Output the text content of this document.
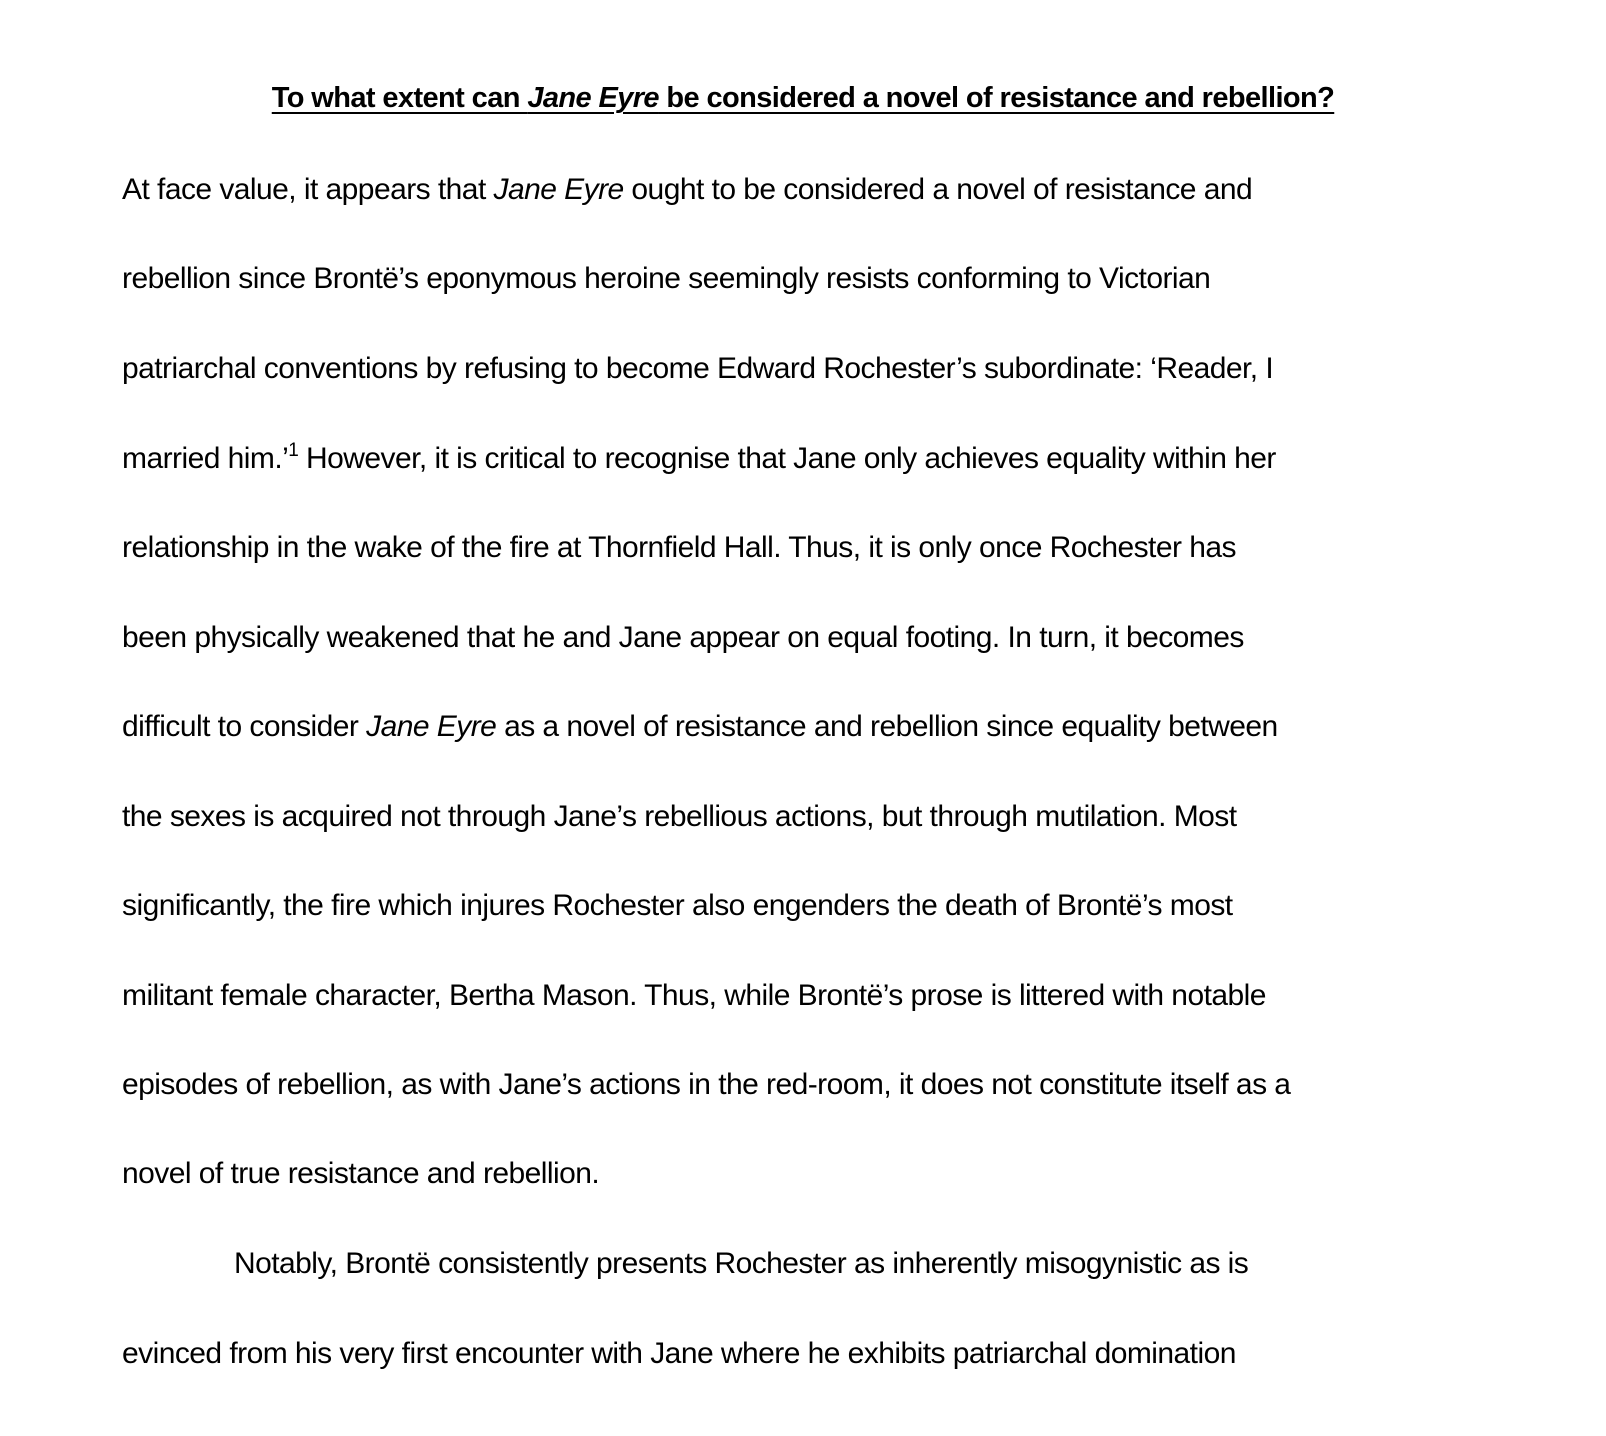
To what extent can Jane Eyre be considered a novel of resistance and rebellion?
At face value, it appears that Jane Eyre ought to be considered a novel of resistance and
rebellion since Brontë’s eponymous heroine seemingly resists conforming to Victorian
patriarchal conventions by refusing to become Edward Rochester’s subordinate: ‘Reader, I
married him.’$^1$ However, it is critical to recognise that Jane only achieves equality within her
relationship in the wake of the fire at Thornfield Hall. Thus, it is only once Rochester has
been physically weakened that he and Jane appear on equal footing. In turn, it becomes
difficult to consider Jane Eyre as a novel of resistance and rebellion since equality between
the sexes is acquired not through Jane’s rebellious actions, but through mutilation. Most
significantly, the fire which injures Rochester also engenders the death of Brontë’s most
militant female character, Bertha Mason. Thus, while Brontë’s prose is littered with notable
episodes of rebellion, as with Jane’s actions in the red-room, it does not constitute itself as a
novel of true resistance and rebellion.
Notably, Brontë consistently presents Rochester as inherently misogynistic as is
evinced from his very first encounter with Jane where he exhibits patriarchal domination
